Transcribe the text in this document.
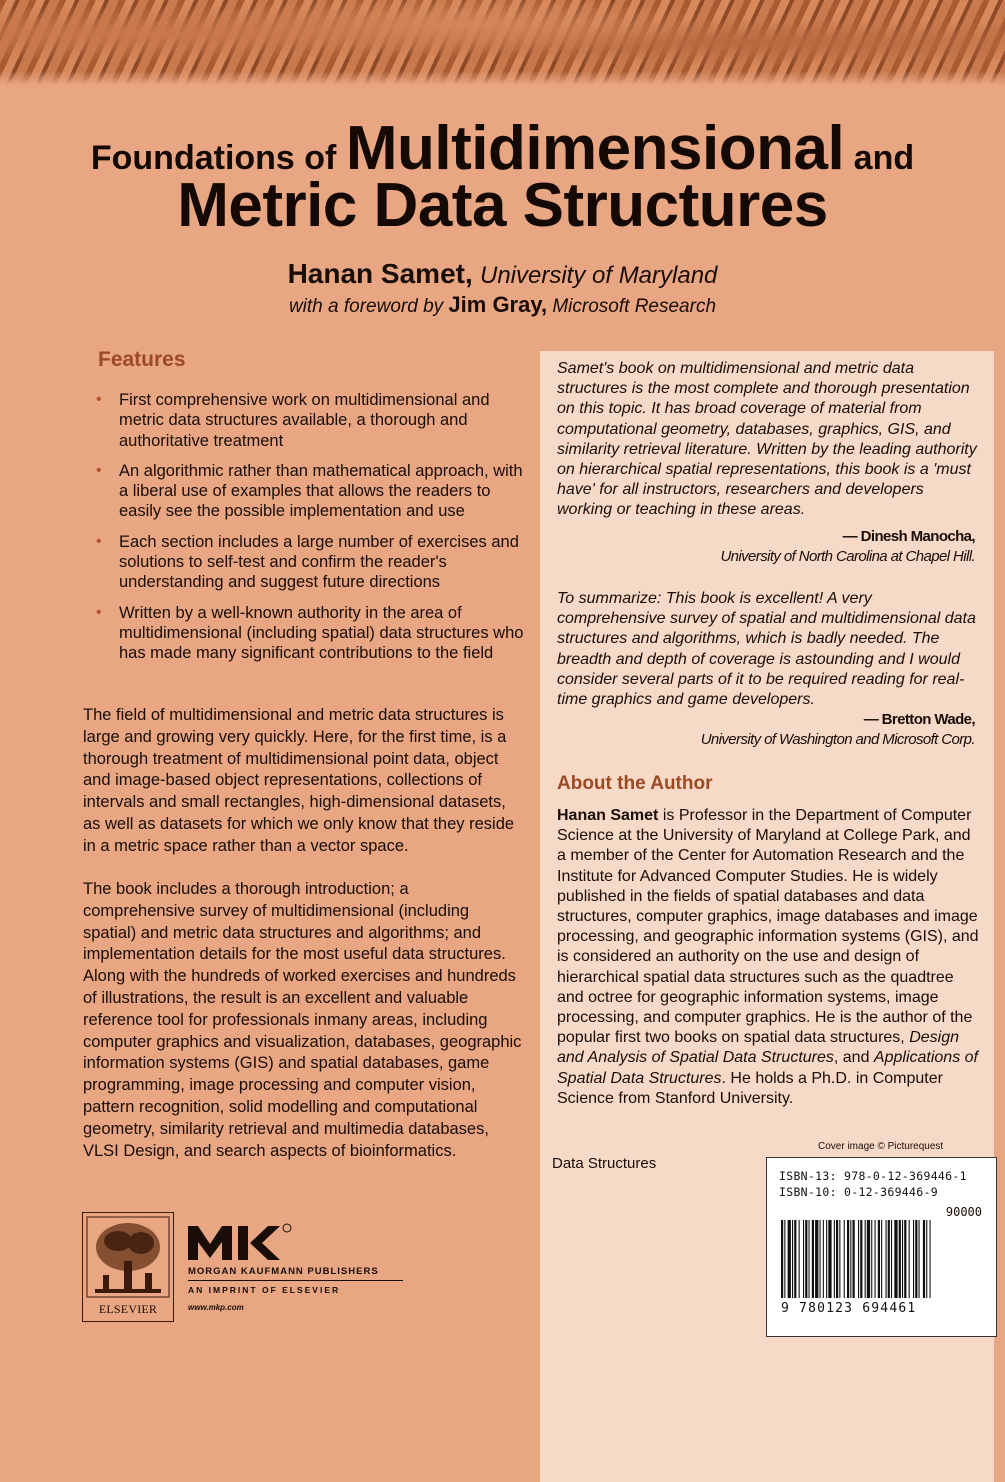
Foundations of Multidimensional and
Metric Data Structures
Hanan Samet, University of Maryland
with a foreword by Jim Gray, Microsoft Research
Features
• First comprehensive work on multidimensional and metric data structures available, a thorough and authoritative treatment
• An algorithmic rather than mathematical approach, with a liberal use of examples that allows the readers to easily see the possible implementation and use
• Each section includes a large number of exercises and solutions to self-test and confirm the reader's understanding and suggest future directions
• Written by a well-known authority in the area of multidimensional (including spatial) data structures who has made many significant contributions to the field

The field of multidimensional and metric data structures is large and growing very quickly. Here, for the first time, is a thorough treatment of multidimensional point data, object and image-based object representations, collections of intervals and small rectangles, high-dimensional datasets, as well as datasets for which we only know that they reside in a metric space rather than a vector space.

The book includes a thorough introduction; a comprehensive survey of multidimensional (including spatial) and metric data structures and algorithms; and implementation details for the most useful data structures. Along with the hundreds of worked exercises and hundreds of illustrations, the result is an excellent and valuable reference tool for professionals inmany areas, including computer graphics and visualization, databases, geographic information systems (GIS) and spatial databases, game programming, image processing and computer vision, pattern recognition, solid modelling and computational geometry, similarity retrieval and multimedia databases, VLSI Design, and search aspects of bioinformatics.

Samet's book on multidimensional and metric data structures is the most complete and thorough presentation on this topic. It has broad coverage of material from computational geometry, databases, graphics, GIS, and similarity retrieval literature. Written by the leading authority on hierarchical spatial representations, this book is a 'must have' for all instructors, researchers and developers working or teaching in these areas.

— Dinesh Manocha,
University of North Carolina at Chapel Hill.

To summarize: This book is excellent! A very comprehensive survey of spatial and multidimensional data structures and algorithms, which is badly needed. The breadth and depth of coverage is astounding and I would consider several parts of it to be required reading for real-time graphics and game developers.

— Bretton Wade,
University of Washington and Microsoft Corp.
About the Author

Hanan Samet is Professor in the Department of Computer Science at the University of Maryland at College Park, and a member of the Center for Automation Research and the Institute for Advanced Computer Studies. He is widely published in the fields of spatial databases and data structures, computer graphics, image databases and image processing, and geographic information systems (GIS), and is considered an authority on the use and design of hierarchical spatial data structures such as the quadtree and octree for geographic information systems, image processing, and computer graphics. He is the author of the popular first two books on spatial data structures, Design and Analysis of Spatial Data Structures, and Applications of Spatial Data Structures. He holds a Ph.D. in Computer Science from Stanford University.

Cover image © Picturequest
Data Structures
ISBN-13: 978-0-12-369446-1
ISBN-10: 0-12-369446-9
90000
9 780123 694461
ELSEVIER
MORGAN KAUFMANN PUBLISHERS
AN IMPRINT OF ELSEVIER
www.mkp.com
